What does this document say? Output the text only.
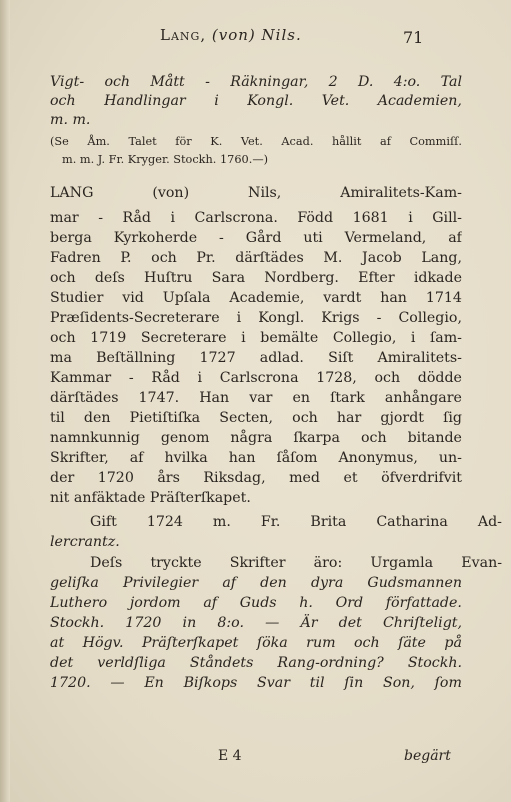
Lang, (von) Nils.	71
Vigt- och Mått - Räkningar, 2 D. 4:o. Tal
och Handlingar i Kongl. Vet. Academien,
m. m.
(Se Åm. Talet för K. Vet. Acad. hållit af Commiſſ.
m. m. J. Fr. Kryger. Stockh. 1760.—)
LANG	(von)	Nils,	Amiralitets-Kam-
mar - Råd i Carlscrona. Född 1681 i Gill-
berga Kyrkoherde - Gård uti Vermeland, af
Fadren P. och Pr. därſtädes M. Jacob Lang,
och deſs Huſtru Sara Nordberg. Efter idkade
Studier vid Upſala Academie, vardt han 1714
Præſidents-Secreterare i Kongl. Krigs - Collegio,
och 1719 Secreterare i bemälte Collegio, i ſam-
ma Beſtällning 1727 adlad. Siſt Amiralitets-
Kammar - Råd i Carlscrona 1728, och dödde
därſtädes 1747. Han var en ſtark anhångare
til den Pietiſtiſka Secten, och har gjordt ſig
namnkunnig genom några ſkarpa och bitande
Skrifter, af hvilka han ſåſom Anonymus, un-
der 1720 års Riksdag, med et öfverdrifvit
nit anfäktade Präſterſkapet.
Gift 1724 m. Fr. Brita Catharina Ad-
lercrantz.
Deſs tryckte Skrifter äro: Urgamla Evan-
geliſka Privilegier af den dyra Gudsmannen
Luthero jordom af Guds h. Ord författade.
Stockh. 1720 in 8:o. — Är det Chriſteligt,
at Högv. Präſterſkapet ſöka rum och ſäte på
det verldſliga Ståndets Rang-ordning? Stockh.
1720. — En Biſkops Svar til ſin Son, ſom
E 4	begärt
